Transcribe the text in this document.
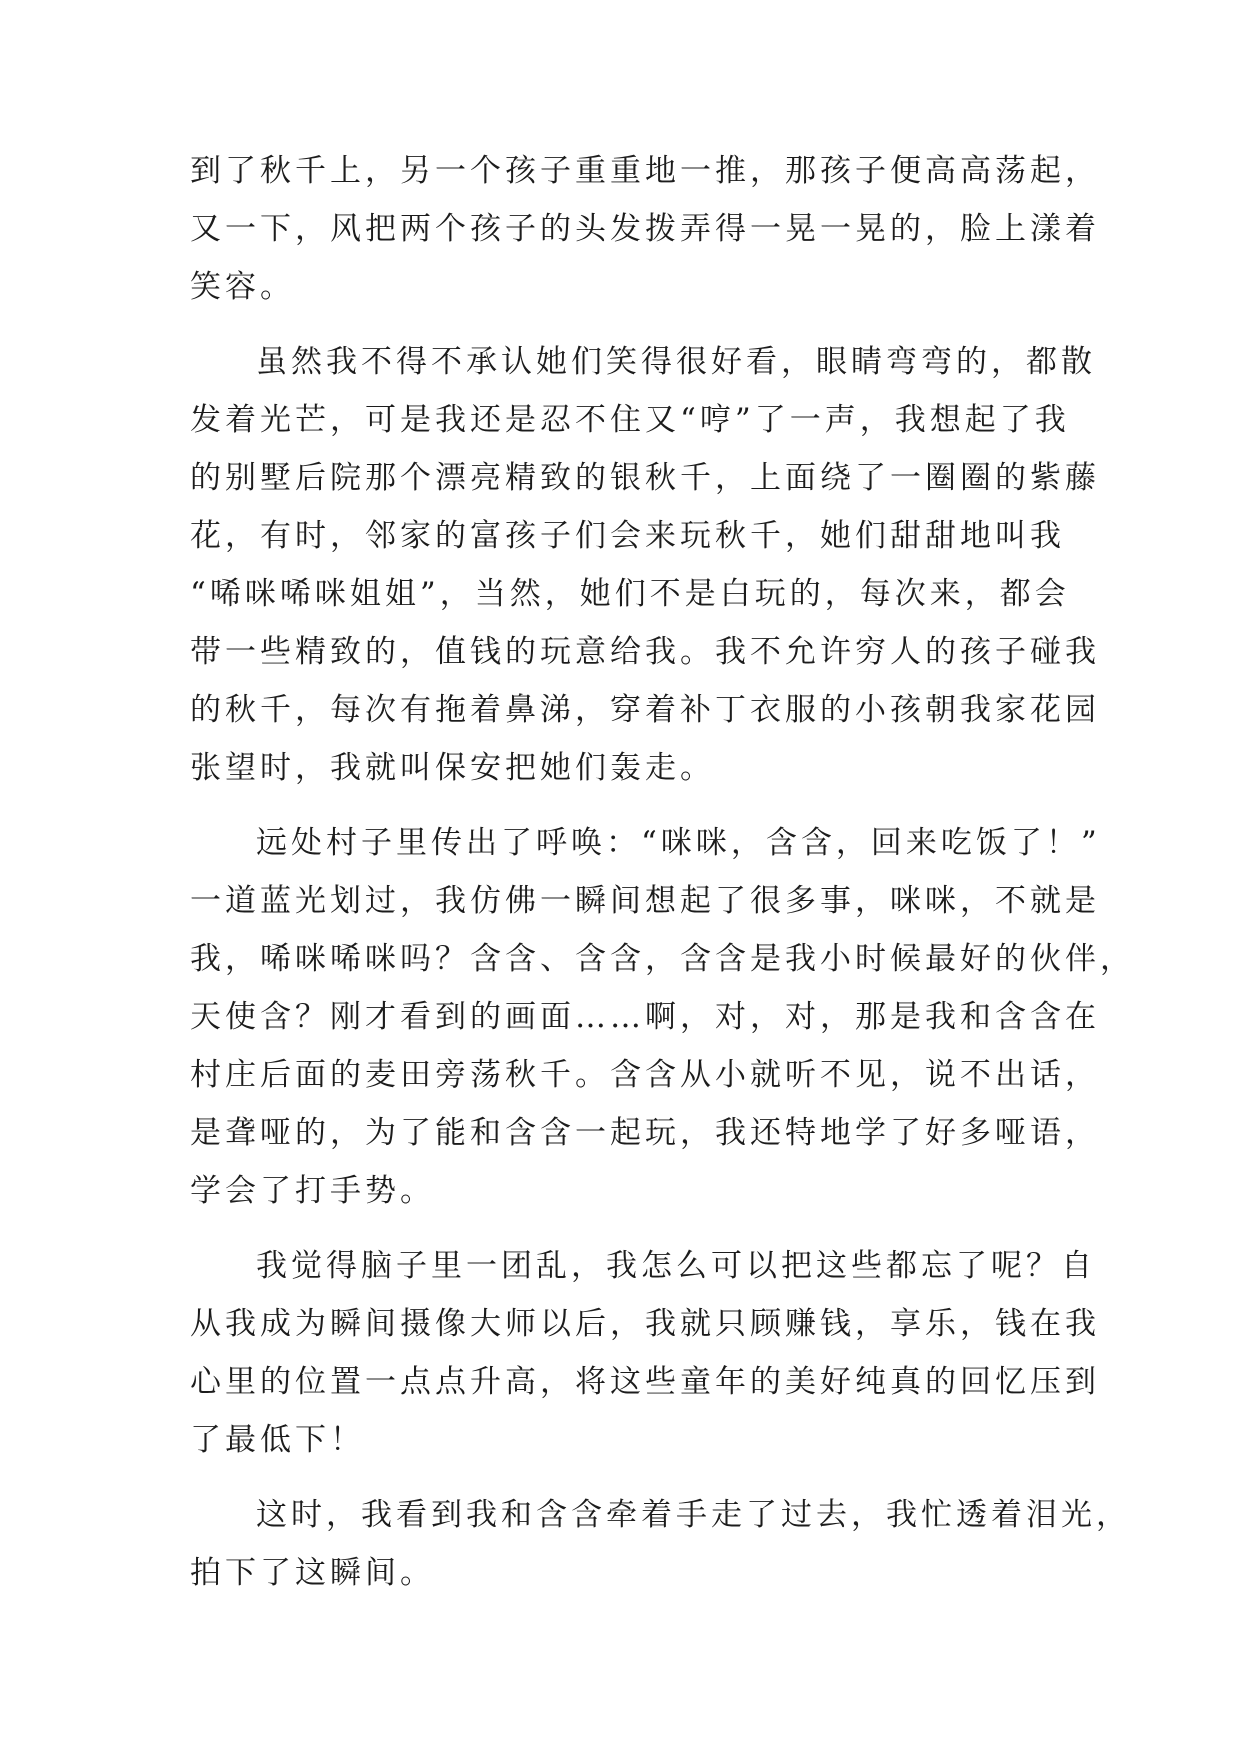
到了秋千上，另一个孩子重重地一推，那孩子便高高荡起，
又一下，风把两个孩子的头发拨弄得一晃一晃的，脸上漾着
笑容。
虽然我不得不承认她们笑得很好看，眼睛弯弯的，都散
发着光芒，可是我还是忍不住又“哼”了一声，我想起了我
的别墅后院那个漂亮精致的银秋千，上面绕了一圈圈的紫藤
花，有时，邻家的富孩子们会来玩秋千，她们甜甜地叫我
“唏咪唏咪姐姐”，当然，她们不是白玩的，每次来，都会
带一些精致的，值钱的玩意给我。我不允许穷人的孩子碰我
的秋千，每次有拖着鼻涕，穿着补丁衣服的小孩朝我家花园
张望时，我就叫保安把她们轰走。
远处村子里传出了呼唤：“咪咪，含含，回来吃饭了！”
一道蓝光划过，我仿佛一瞬间想起了很多事，咪咪，不就是
我，唏咪唏咪吗？含含、含含，含含是我小时候最好的伙伴，
天使含？刚才看到的画面……啊，对，对，那是我和含含在
村庄后面的麦田旁荡秋千。含含从小就听不见，说不出话，
是聋哑的，为了能和含含一起玩，我还特地学了好多哑语，
学会了打手势。
我觉得脑子里一团乱，我怎么可以把这些都忘了呢？自
从我成为瞬间摄像大师以后，我就只顾赚钱，享乐，钱在我
心里的位置一点点升高，将这些童年的美好纯真的回忆压到
了最低下！
这时，我看到我和含含牵着手走了过去，我忙透着泪光，
拍下了这瞬间。
